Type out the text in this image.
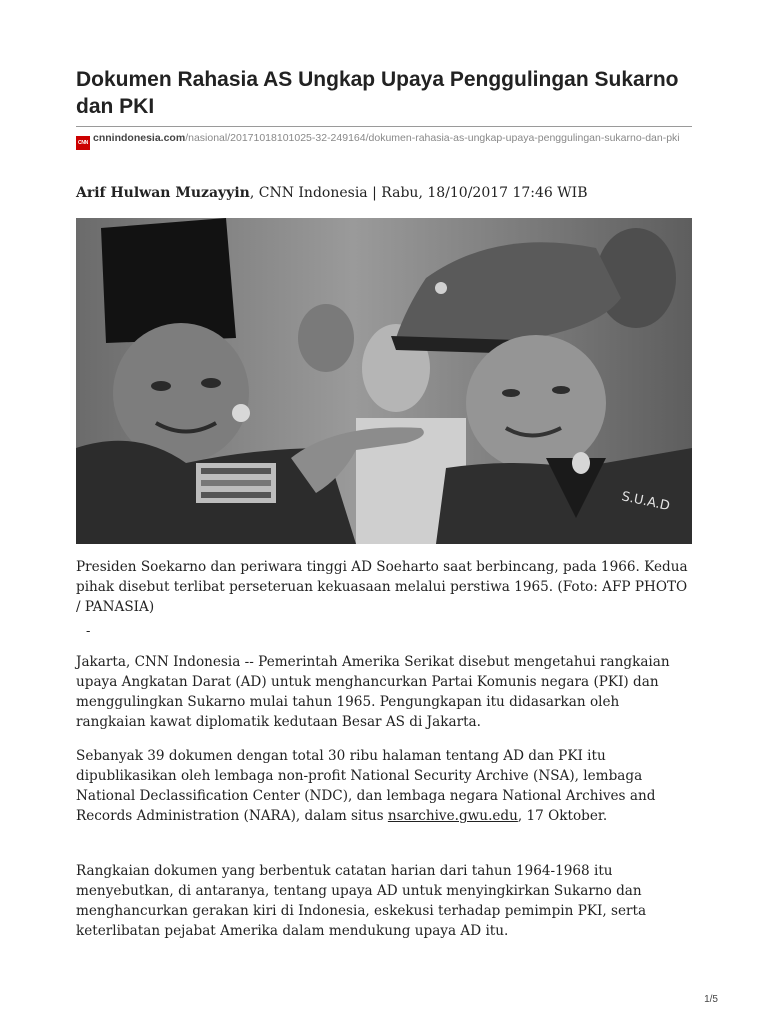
Dokumen Rahasia AS Ungkap Upaya Penggulingan Sukarno dan PKI
CNN cnnindonesia.com/nasional/20171018101025-32-249164/dokumen-rahasia-as-ungkap-upaya-penggulingan-sukarno-dan-pki
Arif Hulwan Muzayyin, CNN Indonesia | Rabu, 18/10/2017 17:46 WIB
S.U.A.D

Presiden Soekarno dan periwara tinggi AD Soeharto saat berbincang, pada 1966. Kedua pihak disebut terlibat perseteruan kekuasaan melalui perstiwa 1965. (Foto: AFP PHOTO / PANASIA)

-

Jakarta, CNN Indonesia -- Pemerintah Amerika Serikat disebut mengetahui rangkaian upaya Angkatan Darat (AD) untuk menghancurkan Partai Komunis negara (PKI) dan menggulingkan Sukarno mulai tahun 1965. Pengungkapan itu didasarkan oleh rangkaian kawat diplomatik kedutaan Besar AS di Jakarta.

Sebanyak 39 dokumen dengan total 30 ribu halaman tentang AD dan PKI itu dipublikasikan oleh lembaga non-profit National Security Archive (NSA), lembaga National Declassification Center (NDC), dan lembaga negara National Archives and Records Administration (NARA), dalam situs nsarchive.gwu.edu, 17 Oktober.

Rangkaian dokumen yang berbentuk catatan harian dari tahun 1964-1968 itu menyebutkan, di antaranya, tentang upaya AD untuk menyingkirkan Sukarno dan menghancurkan gerakan kiri di Indonesia, eskekusi terhadap pemimpin PKI, serta keterlibatan pejabat Amerika dalam mendukung upaya AD itu.

1/5
